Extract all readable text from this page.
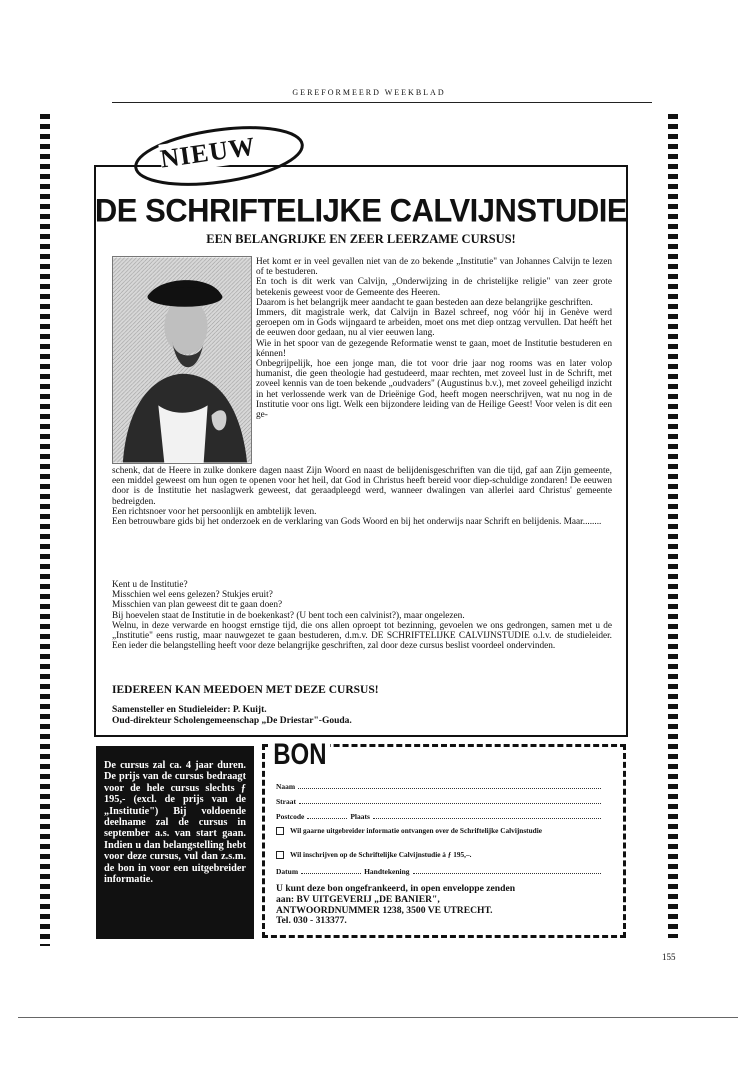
GEREFORMEERD WEEKBLAD
NIEUW
DE SCHRIFTELIJKE CALVIJNSTUDIE
EEN BELANGRIJKE EN ZEER LEERZAME CURSUS!

Het komt er in veel gevallen niet van de zo bekende „Institutie" van Johannes Calvijn te lezen of te bestuderen.

En toch is dit werk van Calvijn, „Onderwijzing in de christelijke religie" van zeer grote betekenis geweest voor de Gemeente des Heeren.

Daarom is het belangrijk meer aandacht te gaan besteden aan deze belangrijke geschriften.

Immers, dit magistrale werk, dat Calvijn in Bazel schreef, nog vóór hij in Genève werd geroepen om in Gods wijngaard te arbeiden, moet ons met diep ontzag vervullen. Dat heéft het de eeuwen door gedaan, nu al vier eeuwen lang.

Wie in het spoor van de gezegende Reformatie wenst te gaan, moet de Institutie bestuderen en kénnen!

Onbegrijpelijk, hoe een jonge man, die tot voor drie jaar nog rooms was en later volop humanist, die geen theologie had gestudeerd, maar rechten, met zoveel lust in de Schrift, met zoveel kennis van de toen bekende „oudvaders" (Augustinus b.v.), met zoveel geheiligd inzicht in het verlossende werk van de Drieënige God, heeft mogen neerschrijven, wat nu nog in de Institutie voor ons ligt. Welk een bijzondere leiding van de Heilige Geest! Voor velen is dit een ge-

schenk, dat de Heere in zulke donkere dagen naast Zijn Woord en naast de belijdenisgeschriften van die tijd, gaf aan Zijn gemeente, een middel geweest om hun ogen te openen voor het heil, dat God in Christus heeft bereid voor diep-schuldige zondaren! De eeuwen door is de Institutie het naslagwerk geweest, dat geraadpleegd werd, wanneer dwalingen van allerlei aard Christus' gemeente bedreigden.

Een richtsnoer voor het persoonlijk en ambtelijk leven.

Een betrouwbare gids bij het onderzoek en de verklaring van Gods Woord en bij het onderwijs naar Schrift en belijdenis. Maar........

Kent u de Institutie?

Misschien wel eens gelezen? Stukjes eruit?

Misschien van plan geweest dit te gaan doen?

Bij hoevelen staat de Institutie in de boekenkast? (U bent toch een calvinist?), maar ongelezen.

Welnu, in deze verwarde en hoogst ernstige tijd, die ons allen oproept tot bezinning, gevoelen we ons gedrongen, samen met u de „Institutie" eens rustig, maar nauwgezet te gaan bestuderen, d.m.v. DE SCHRIFTELIJKE CALVIJNSTUDIE o.l.v. de studieleider. Een ieder die belangstelling heeft voor deze belangrijke geschriften, zal door deze cursus beslist voordeel ondervinden.

IEDEREEN KAN MEEDOEN MET DEZE CURSUS!
Samensteller en Studieleider: P. Kuijt.
Oud-direkteur Scholengemeenschap „De Driestar"-Gouda.
De cursus zal ca. 4 jaar duren. De prijs van de cursus bedraagt voor de hele cursus slechts ƒ 195,- (excl. de prijs van de „Institutie") Bij voldoende deelname zal de cursus in september a.s. van start gaan. Indien u dan belangstelling hebt voor deze cursus, vul dan z.s.m. de bon in voor een uitgebreider informatie.
BON
Naam
Straat
Postcode	Plaats
Wil gaarne uitgebreider informatie ontvangen over de Schriftelijke Calvijnstudie
Wil inschrijven op de Schriftelijke Calvijnstudie à ƒ 195,–.
Datum	Handtekening
U kunt deze bon ongefrankeerd, in open enveloppe zenden
aan: BV UITGEVERIJ „DE BANIER",
ANTWOORDNUMMER 1238, 3500 VE UTRECHT.
Tel. 030 - 313377.
155
